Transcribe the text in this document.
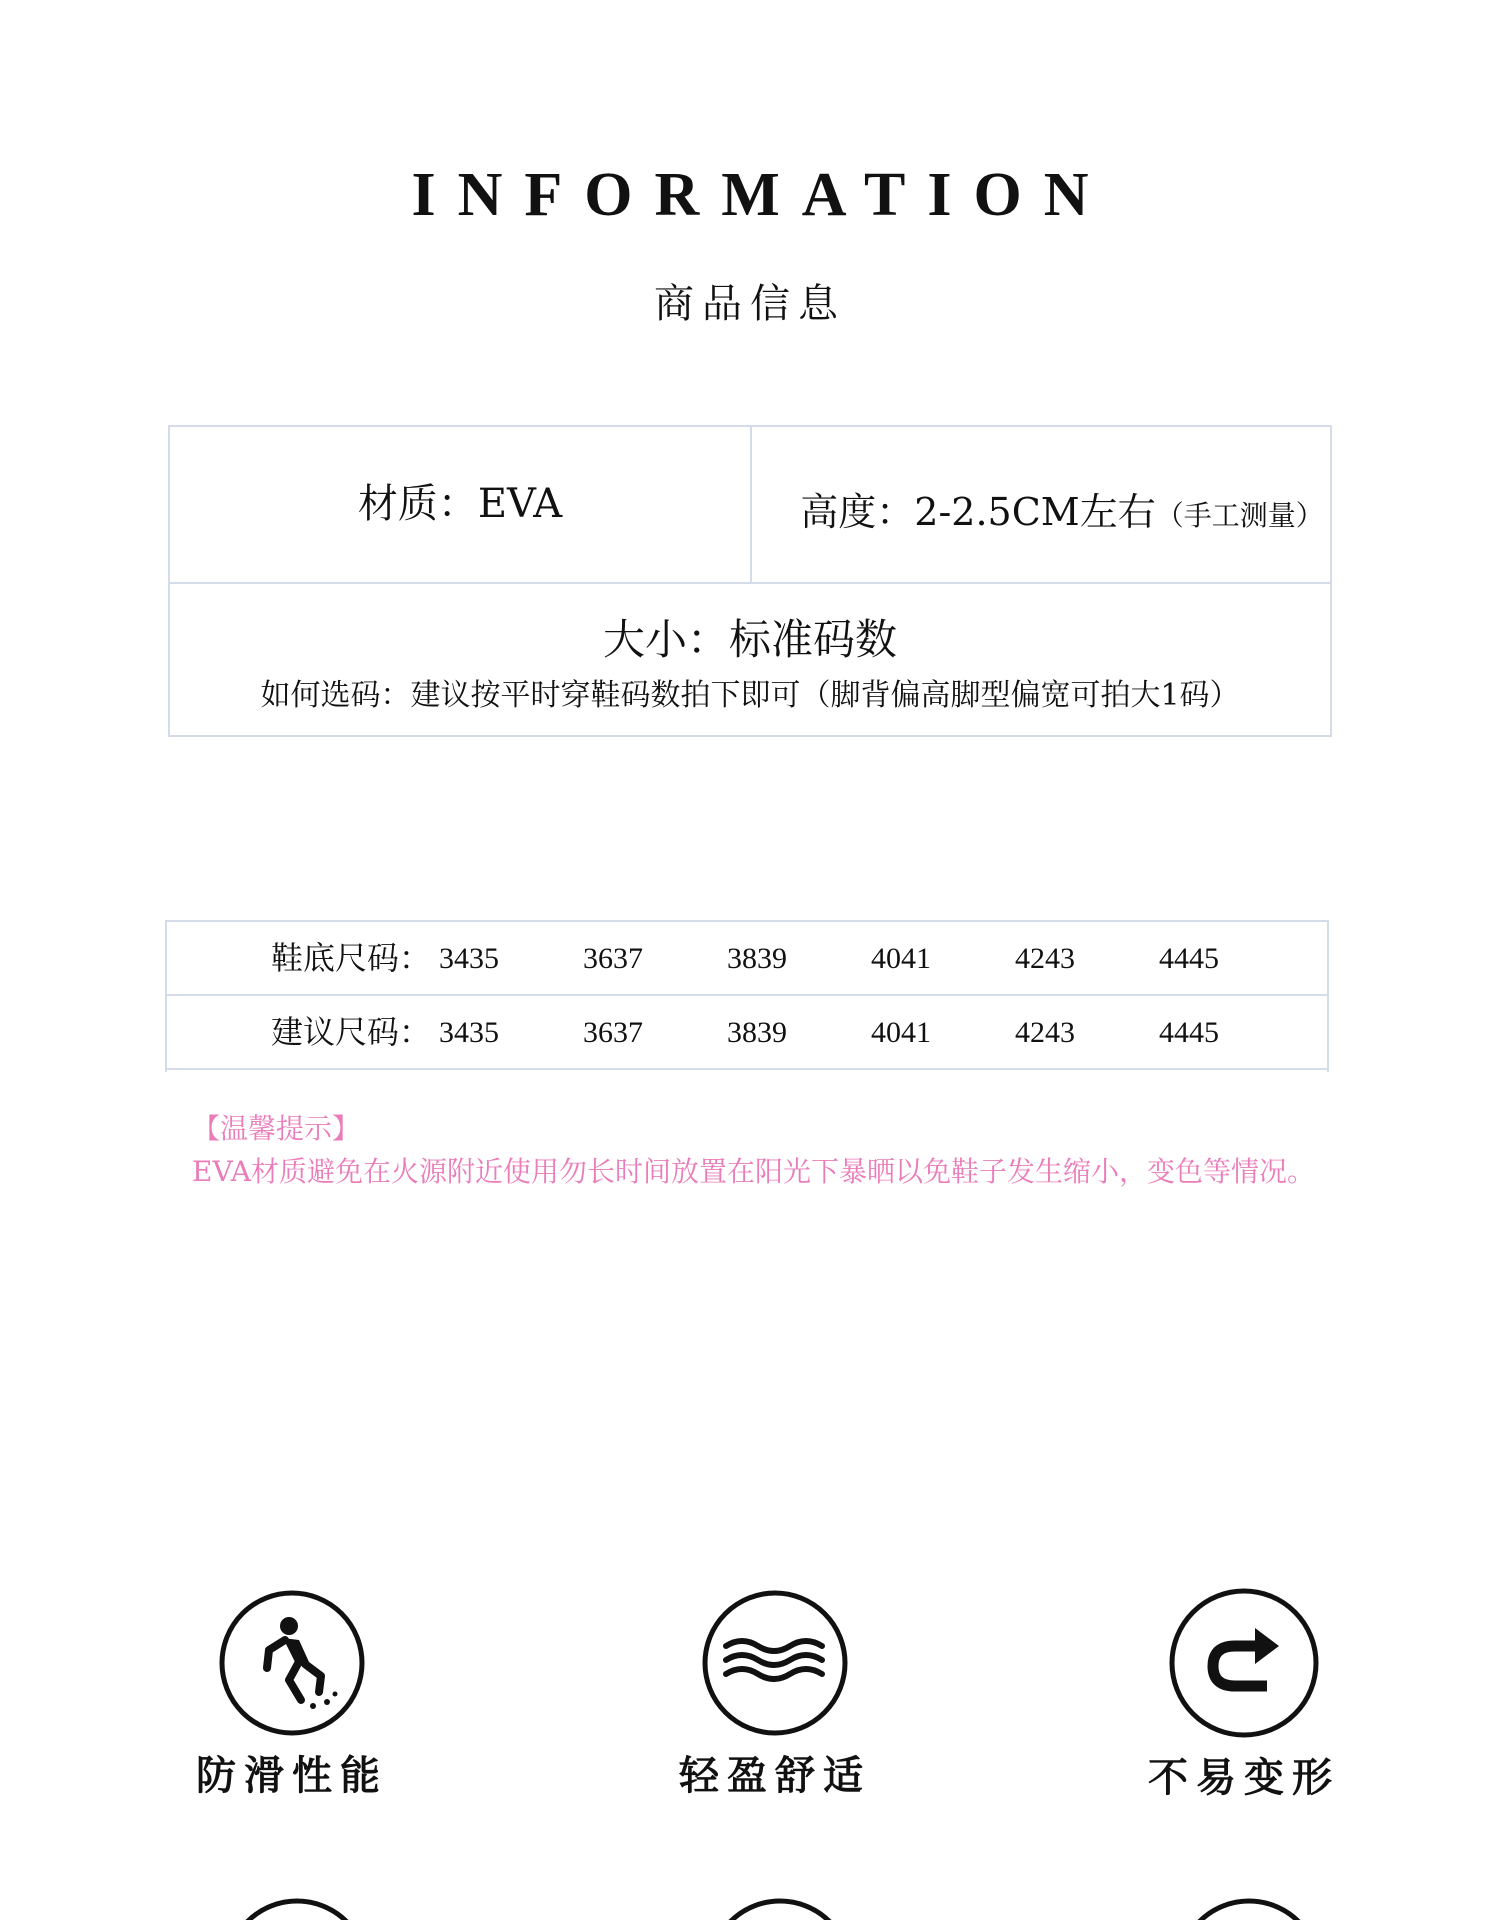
INFORMATION
商品信息
材质：EVA	高度：2-2.5CM左右（手工测量）
大小：标准码数
如何选码：建议按平时穿鞋码数拍下即可（脚背偏高脚型偏宽可拍大1码）
鞋底尺码： 3435	3637	3839	4041	4243	4445
建议尺码： 3435	3637	3839	4041	4243	4445
【温馨提示】
EVA材质避免在火源附近使用勿长时间放置在阳光下暴晒以免鞋子发生缩小，变色等情况。
防滑性能	轻盈舒适	不易变形
